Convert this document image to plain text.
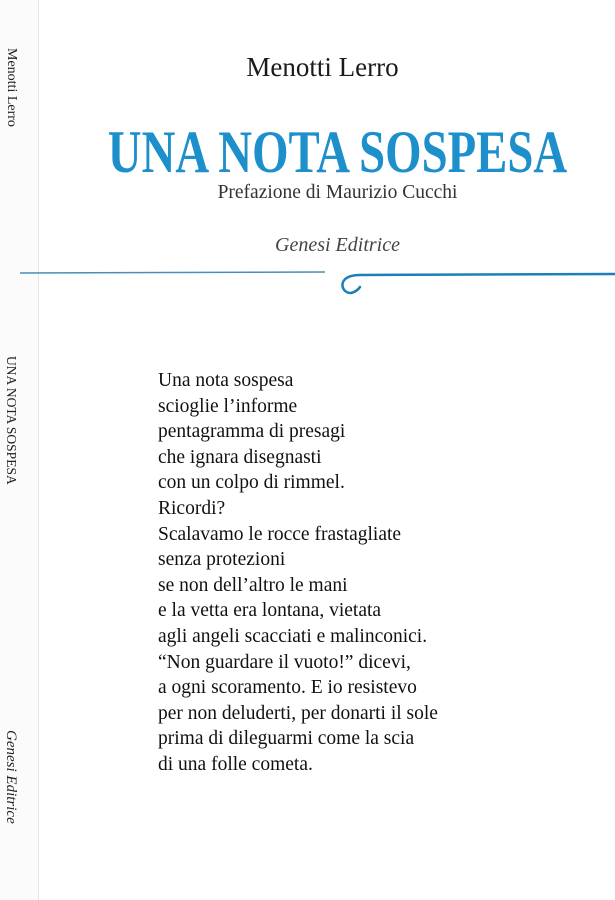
Menotti Lerro
UNA NOTA SOSPESA
Genesi Editrice
Menotti Lerro
UNA NOTA SOSPESA
Prefazione di Maurizio Cucchi
Genesi Editrice
Una nota sospesa
scioglie l’informe
pentagramma di presagi
che ignara disegnasti
con un colpo di rimmel.
Ricordi?
Scalavamo le rocce frastagliate
senza protezioni
se non dell’altro le mani
e la vetta era lontana, vietata
agli angeli scacciati e malinconici.
“Non guardare il vuoto!” dicevi,
a ogni scoramento. E io resistevo
per non deluderti, per donarti il sole
prima di dileguarmi come la scia
di una folle cometa.
